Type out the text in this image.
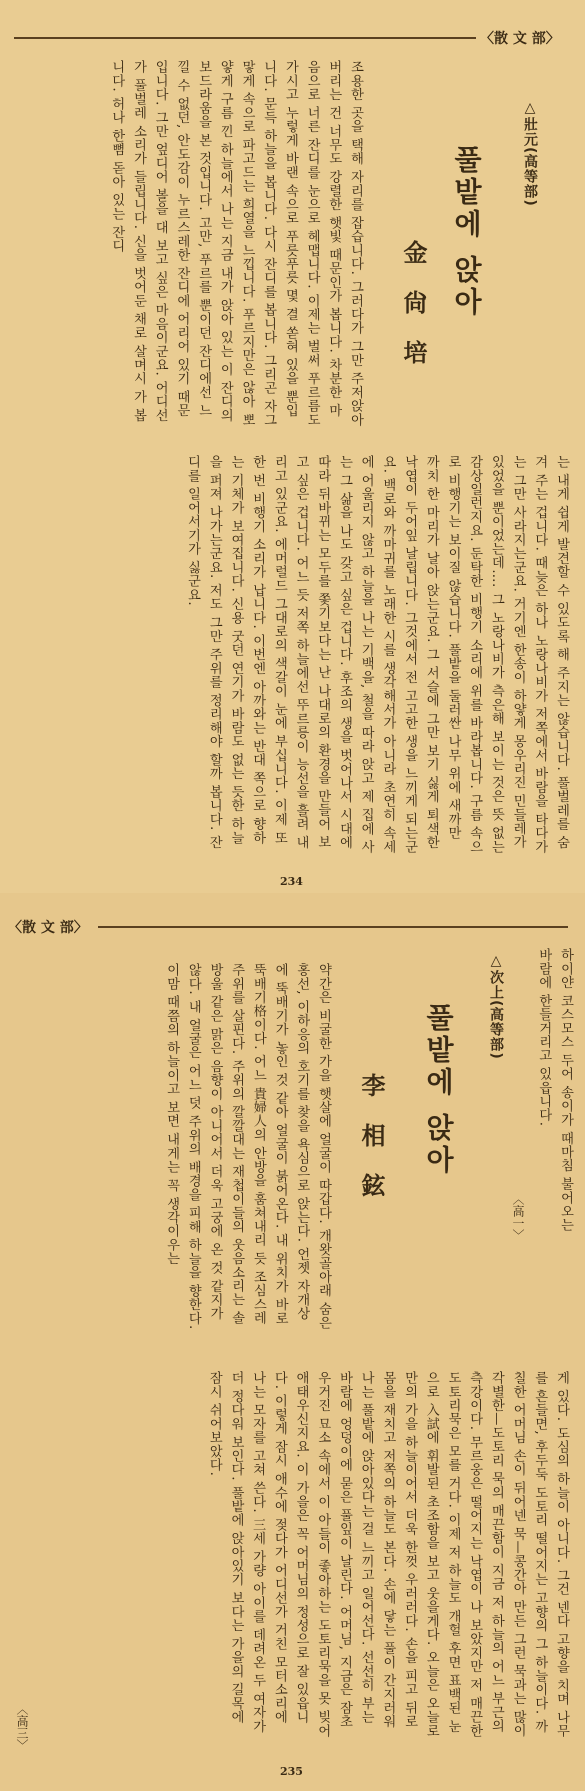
〈散 文 部〉

조용한 곳을 택해 자리를 잡습니다. 그러다가 그만 주저앉아 버리는 건 너무도 강렬한 햇빛 때문인가 봅니다. 차분한 마음으로 너른 잔디를 눈으로 헤맵니다. 이제는 벌써 푸르름도 가시고 누렇게 바랜 속으로 푸릇푸릇 몇 결 쏟혀 있을 뿐입니다. 문득 하늘을 봅니다. 다시 잔디를 봅니다. 그리곤 자그맣게 속으로 파고드는 희열을 느낍니다. 푸르지만은 않아 뽀얗게 구름 낀 하늘에서 나는 지금 내가 앉아 있는 이 잔디의 보드라움을 본 것입니다. 고만, 푸르를 뿐이던 잔디에선 느낄 수 없던, 안도감이 누르스레한 잔디에 어리어 있기 때문입니다. 그만 엎디어 볼을 대 보고 싶은 마음이군요. 어디선가 풀벌레 소리가 들립니다. 신을 벗어둔 채로 살며시 가 봅니다. 허나 한뼘 돋아 있는 잔디

金尙培 풀밭에 앉아
△壯元(高等部)

는 내게 쉽게 발견할 수 있도록 해 주지는 않습니다. 풀벌레를 숨겨 주는 겁니다. 때늦은 하나 노랑나비가 저쪽에서 바람을 타다가는 그만 사라지는군요. 거기엔 한송이 하얗게 몽우리진 민들레가 있었을 뿐이었는데…. 그 노랑나비가 측은해 보이는 것은 뜻 없는 감상일런지요. 둔탁한 비행기 소리에 위를 바라봅니다. 구름 속으로 비행기는 보이질 않습니다. 풀밭을 둘러싼 나무 위에 새까만 까치 한 마리가 날아 앉는군요. 그 서슬에 그만 보기 싫게 퇴색한 낙엽이 두어잎 날립니다. 그것에서 전 고고한 생을 느끼게 되는군요. 백로와 까마귀를 노래한 시를 생각해서가 아니라 초연히 속세에 어울리지 않고 하늘을 나는 기백을, 철을 따라 앉고 제 집에 사는 그 삶을 나도 갖고 싶은 겁니다. 후조의 생을 벗어나서 시대에 따라 뒤바뀌는 모두를 쫓기보다는 난 나대로의 환경을 만들어 보고 싶은 겁니다. 어느 듯 저쪽 하늘에선 뚜르릉이 능선을 흘려 내리고 있군요. 에머럴드 그대로의 색갈이 눈에 부십니다. 이제 또 한 번 비행기 소리가 납니다. 이번엔 아까와는 반대 쪽으로 향하는 기체가 보여집니다. 신용 굿던 연기가 바람도 없는 듯한 하늘을 퍼져 나가는군요. 저도 그만 주위를 정리해야 할까 봅니다. 잔디를 일어서기가 싫군요.

234
〈散 文 部〉

하이얀 코스모스 두어 송이가 때마침 불어오는 바람에 한들거리고 있읍니다.

〈高一〉
△次上(高等部)
풀밭에 앉아
李相鉉

약간은 비굴한 가을 햇살에 얼굴이 따갑다. 개왓골아래 숨은 홍선, 이하응의 호기를 찾을 욕심으로 앉는다. 언젯 자개상에 뚝배기가 놓인 것 같아 얼굴이 붉어온다. 내 위치가 바로 뚝배기格이다. 어느 貴婦人의 안방을 훔쳐내리 듯 조심스레 주위를 살핀다. 주위의 깔깔대는 재첩이들의 웃음소리는 솔방울 같은 맑은 음향이 아니어서 더욱 고궁에 온 것 같지가 않다. 내 얼굴은 어느 덧 주위의 배경을 피해 하늘을 향한다. 이맘 때쯤의 하늘이고 보면 내게는 꼭 생각이우는

게 있다. 도심의 하늘이 아니다. 그건 넨다 고향을 치며 나무를 흔들면, 후두둑 도토리 떨어지는 고향의 그 하늘이다. 까칠한 어머님 손이 뒤어넨 묵—콩간아 만든 그런 묵과는 많이 각별한—도토리 묵의 매끈함이 지금 저 하늘의 어느 부근의 측강이다. 무르웅은 떨어지는 낙엽이 나 보았지만 저 매끈한 도토리묵은 모를 거다. 이제 저 하늘도 개헐 후면 표백된 눈으로 入試에 휘발된 초조함을 보고 웃을게다. 오늘은 오늘로만의 가을 하늘이어서 더욱 한껏 우러러다. 손을 피고 뒤로 몸을 재치고 저쪽의 하늘도 본다. 손에 닿는 풀이 간지러워 나는 풀밭에 앉아있다는 걸 느끼고 일어선다. 선선히 부는 바람에 엉덩이에 묻은 풀잎이 날린다. 어머님, 지금은 잠초 우거진 묘소 속에서 이 아들이 좋아하는 도토리묵을 못 빚어 애태우신지요. 이 가을은 꼭 어머님의 정성으로 잘 있읍니다. 이렇게 잠시 애수에 젖다가 어디선가 거친 모터소리에 나는 모자를 고쳐 쓴다. 三세 가량 아이를 데려온 두 여자가 더 정다워 보인다. 풀밭에 앉아있기 보다는 가을의 길목에 잠시 쉬어보았다.

〈高三〉
235
